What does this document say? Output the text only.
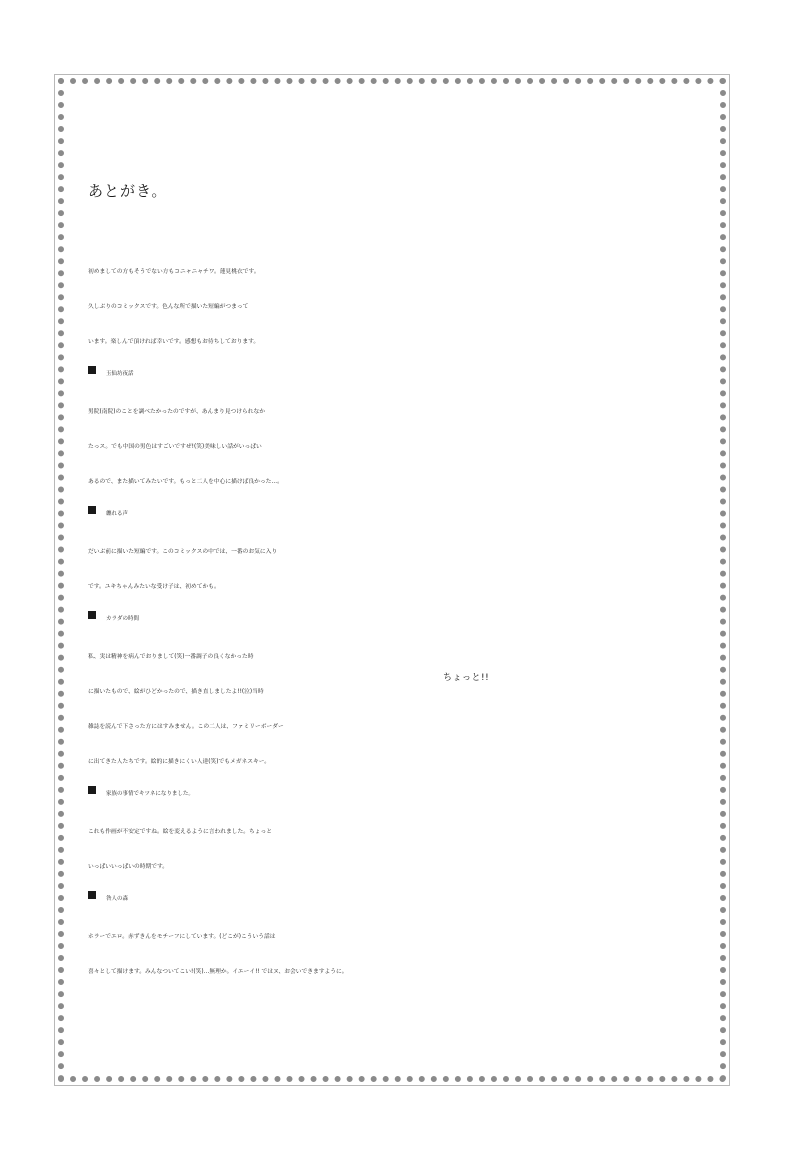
あとがき。
初めましての方もそうでない方もコニャニャチワ。蓮見桃衣です。
久しぶりのコミックスです。色んな所で描いた短編がつまって
います。楽しんで頂ければ幸いです。感想もお待ちしております。
玉仙坊夜話
男院(南院)のことを調べたかったのですが、あんまり見つけられなか
たっス。でも中国の男色はすごいですぜ!(笑)美味しい話がいっぱい
あるので、また描いてみたいです。もっと二人を中心に描けば良かった…。
纏れる声
だいぶ前に描いた短編です。このコミックスの中では、一番のお気に入り
です。ユキちゃんみたいな受け子は、初めてかも。
カラダの時間
私、実は精神を病んでおりまして(笑)一番調子の良くなかった時
ちょっと!!
に描いたもので、絵がひどかったので、描き直しましたよ!!(泣)当時
雑誌を読んで下さった方にはすみません。この二人は、ファミリーボーダー
に出てきた人たちです。絵的に描きにくい人達(笑)でもメガネスキー。
家族の事情でキツネになりました。
これも作画が不安定ですね。絵を変えるように言われました。ちょっと
いっぱいいっぱいの時期です。
咎人の森
ホラーでエロ。赤ずきんをモチーフにしています。(どこが)こういう話は
喜々として描けます。みんなついてこい!(笑)…無理か。イエーイ!! ではヌ、お会いできますように。
